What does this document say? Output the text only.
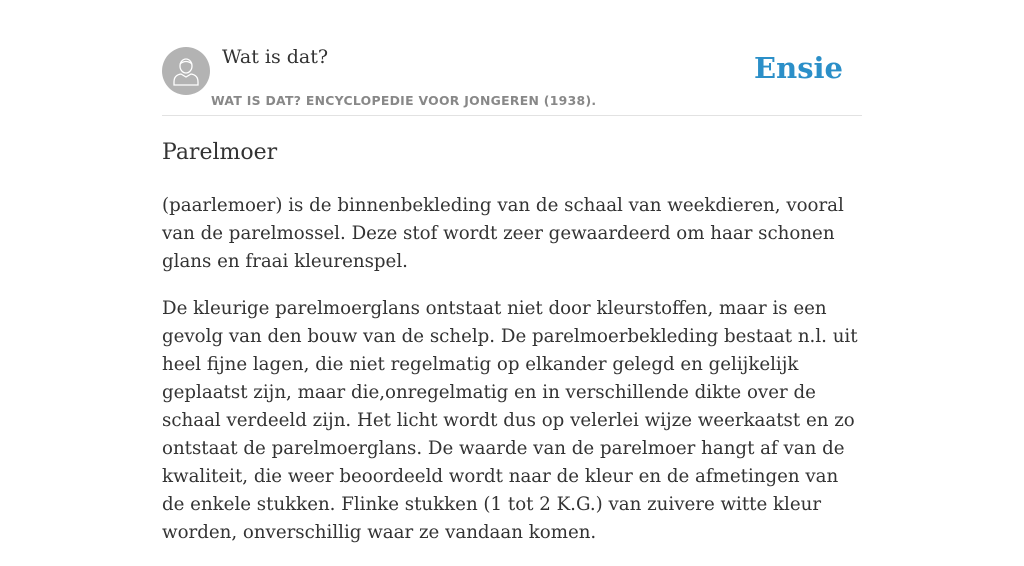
Wat is dat?
WAT IS DAT? ENCYCLOPEDIE VOOR JONGEREN (1938).
Ensie
Parelmoer

(paarlemoer) is de binnenbekleding van de schaal van weekdieren, vooral van de parelmossel. Deze stof wordt zeer gewaardeerd om haar schonen glans en fraai kleurenspel.

De kleurige parelmoerglans ontstaat niet door kleurstoffen, maar is een gevolg van den bouw van de schelp. De parelmoerbekleding bestaat n.l. uit heel fijne lagen, die niet regelmatig op elkander gelegd en gelijkelijk geplaatst zijn, maar die,onregelmatig en in verschillende dikte over de schaal verdeeld zijn. Het licht wordt dus op velerlei wijze weerkaatst en zo ontstaat de parelmoerglans. De waarde van de parelmoer hangt af van de kwaliteit, die weer beoordeeld wordt naar de kleur en de afmetingen van de enkele stukken. Flinke stukken (1 tot 2 K.G.) van zuivere witte kleur worden, onverschillig waar ze vandaan komen.
